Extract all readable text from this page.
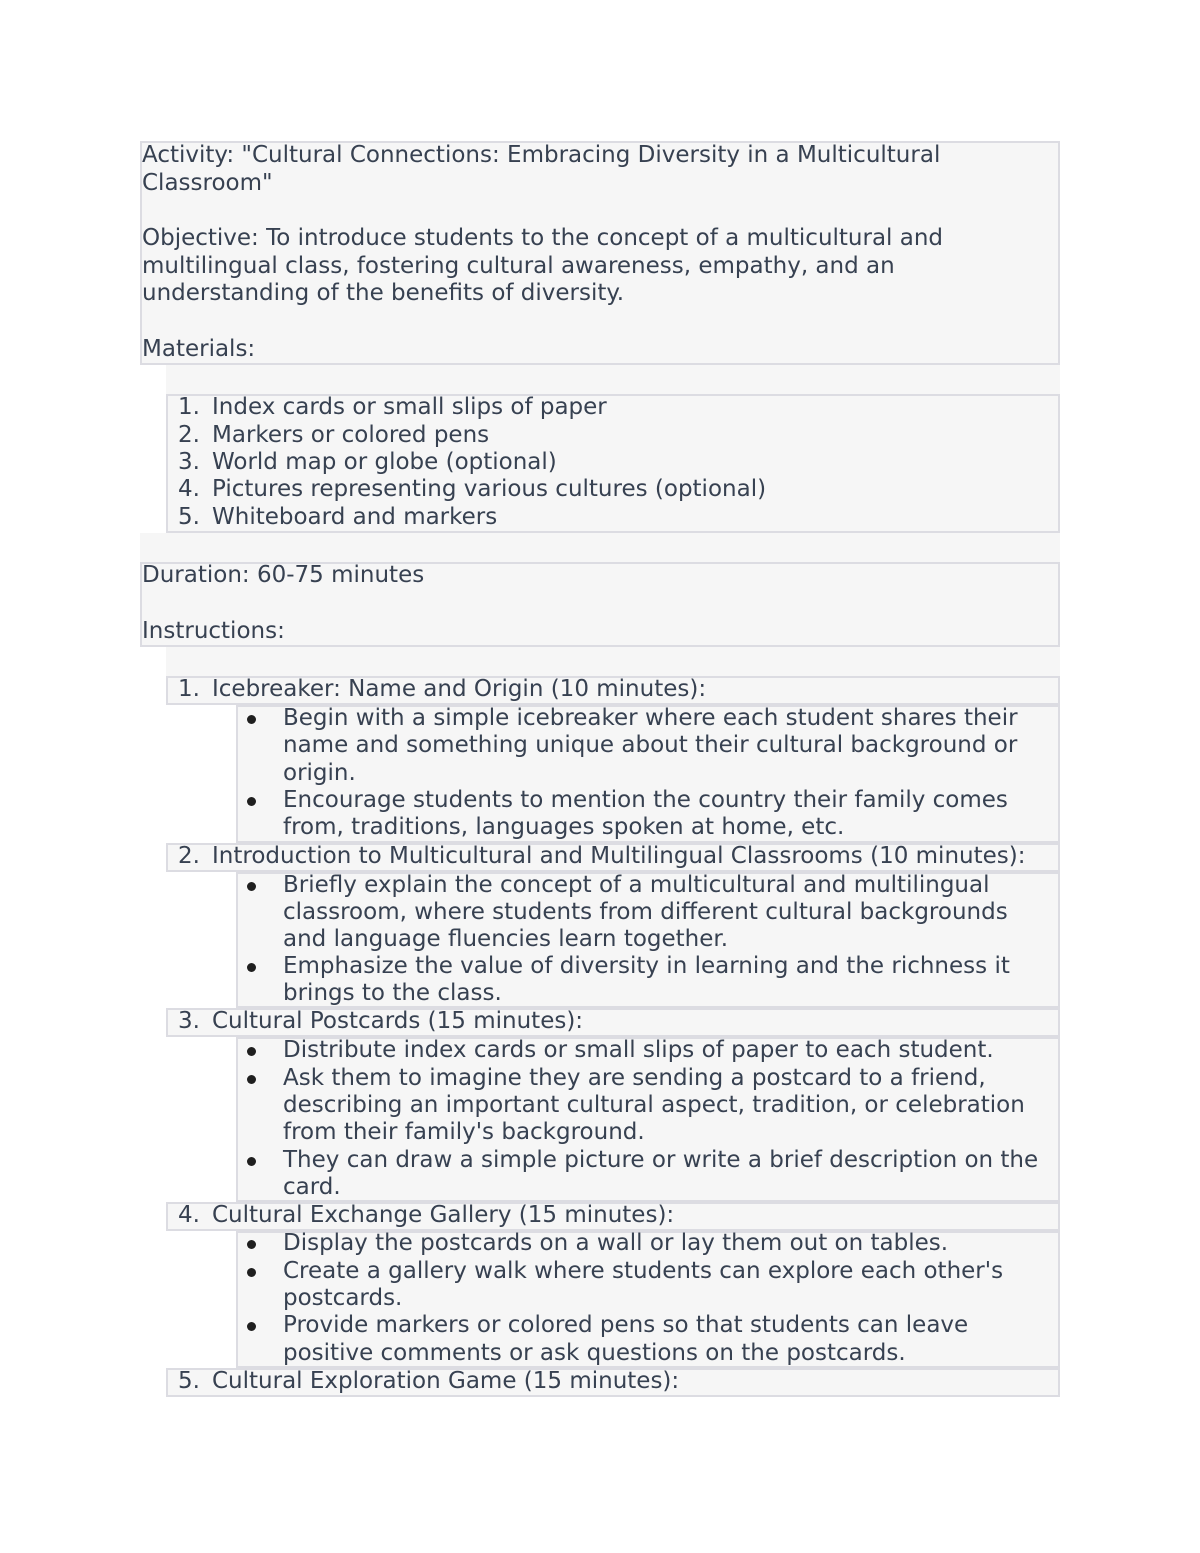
Activity: "Cultural Connections: Embracing Diversity in a Multicultural
Classroom"
Objective: To introduce students to the concept of a multicultural and
multilingual class, fostering cultural awareness, empathy, and an
understanding of the benefits of diversity.
Materials:
1. Index cards or small slips of paper
2. Markers or colored pens
3. World map or globe (optional)
4. Pictures representing various cultures (optional)
5. Whiteboard and markers
Duration: 60-75 minutes
Instructions:
1. Icebreaker: Name and Origin (10 minutes):
Begin with a simple icebreaker where each student shares their
name and something unique about their cultural background or
origin.
Encourage students to mention the country their family comes
from, traditions, languages spoken at home, etc.
2. Introduction to Multicultural and Multilingual Classrooms (10 minutes):
Briefly explain the concept of a multicultural and multilingual
classroom, where students from different cultural backgrounds
and language fluencies learn together.
Emphasize the value of diversity in learning and the richness it
brings to the class.
3. Cultural Postcards (15 minutes):
Distribute index cards or small slips of paper to each student.
Ask them to imagine they are sending a postcard to a friend,
describing an important cultural aspect, tradition, or celebration
from their family's background.
They can draw a simple picture or write a brief description on the
card.
4. Cultural Exchange Gallery (15 minutes):
Display the postcards on a wall or lay them out on tables.
Create a gallery walk where students can explore each other's
postcards.
Provide markers or colored pens so that students can leave
positive comments or ask questions on the postcards.
5. Cultural Exploration Game (15 minutes):
